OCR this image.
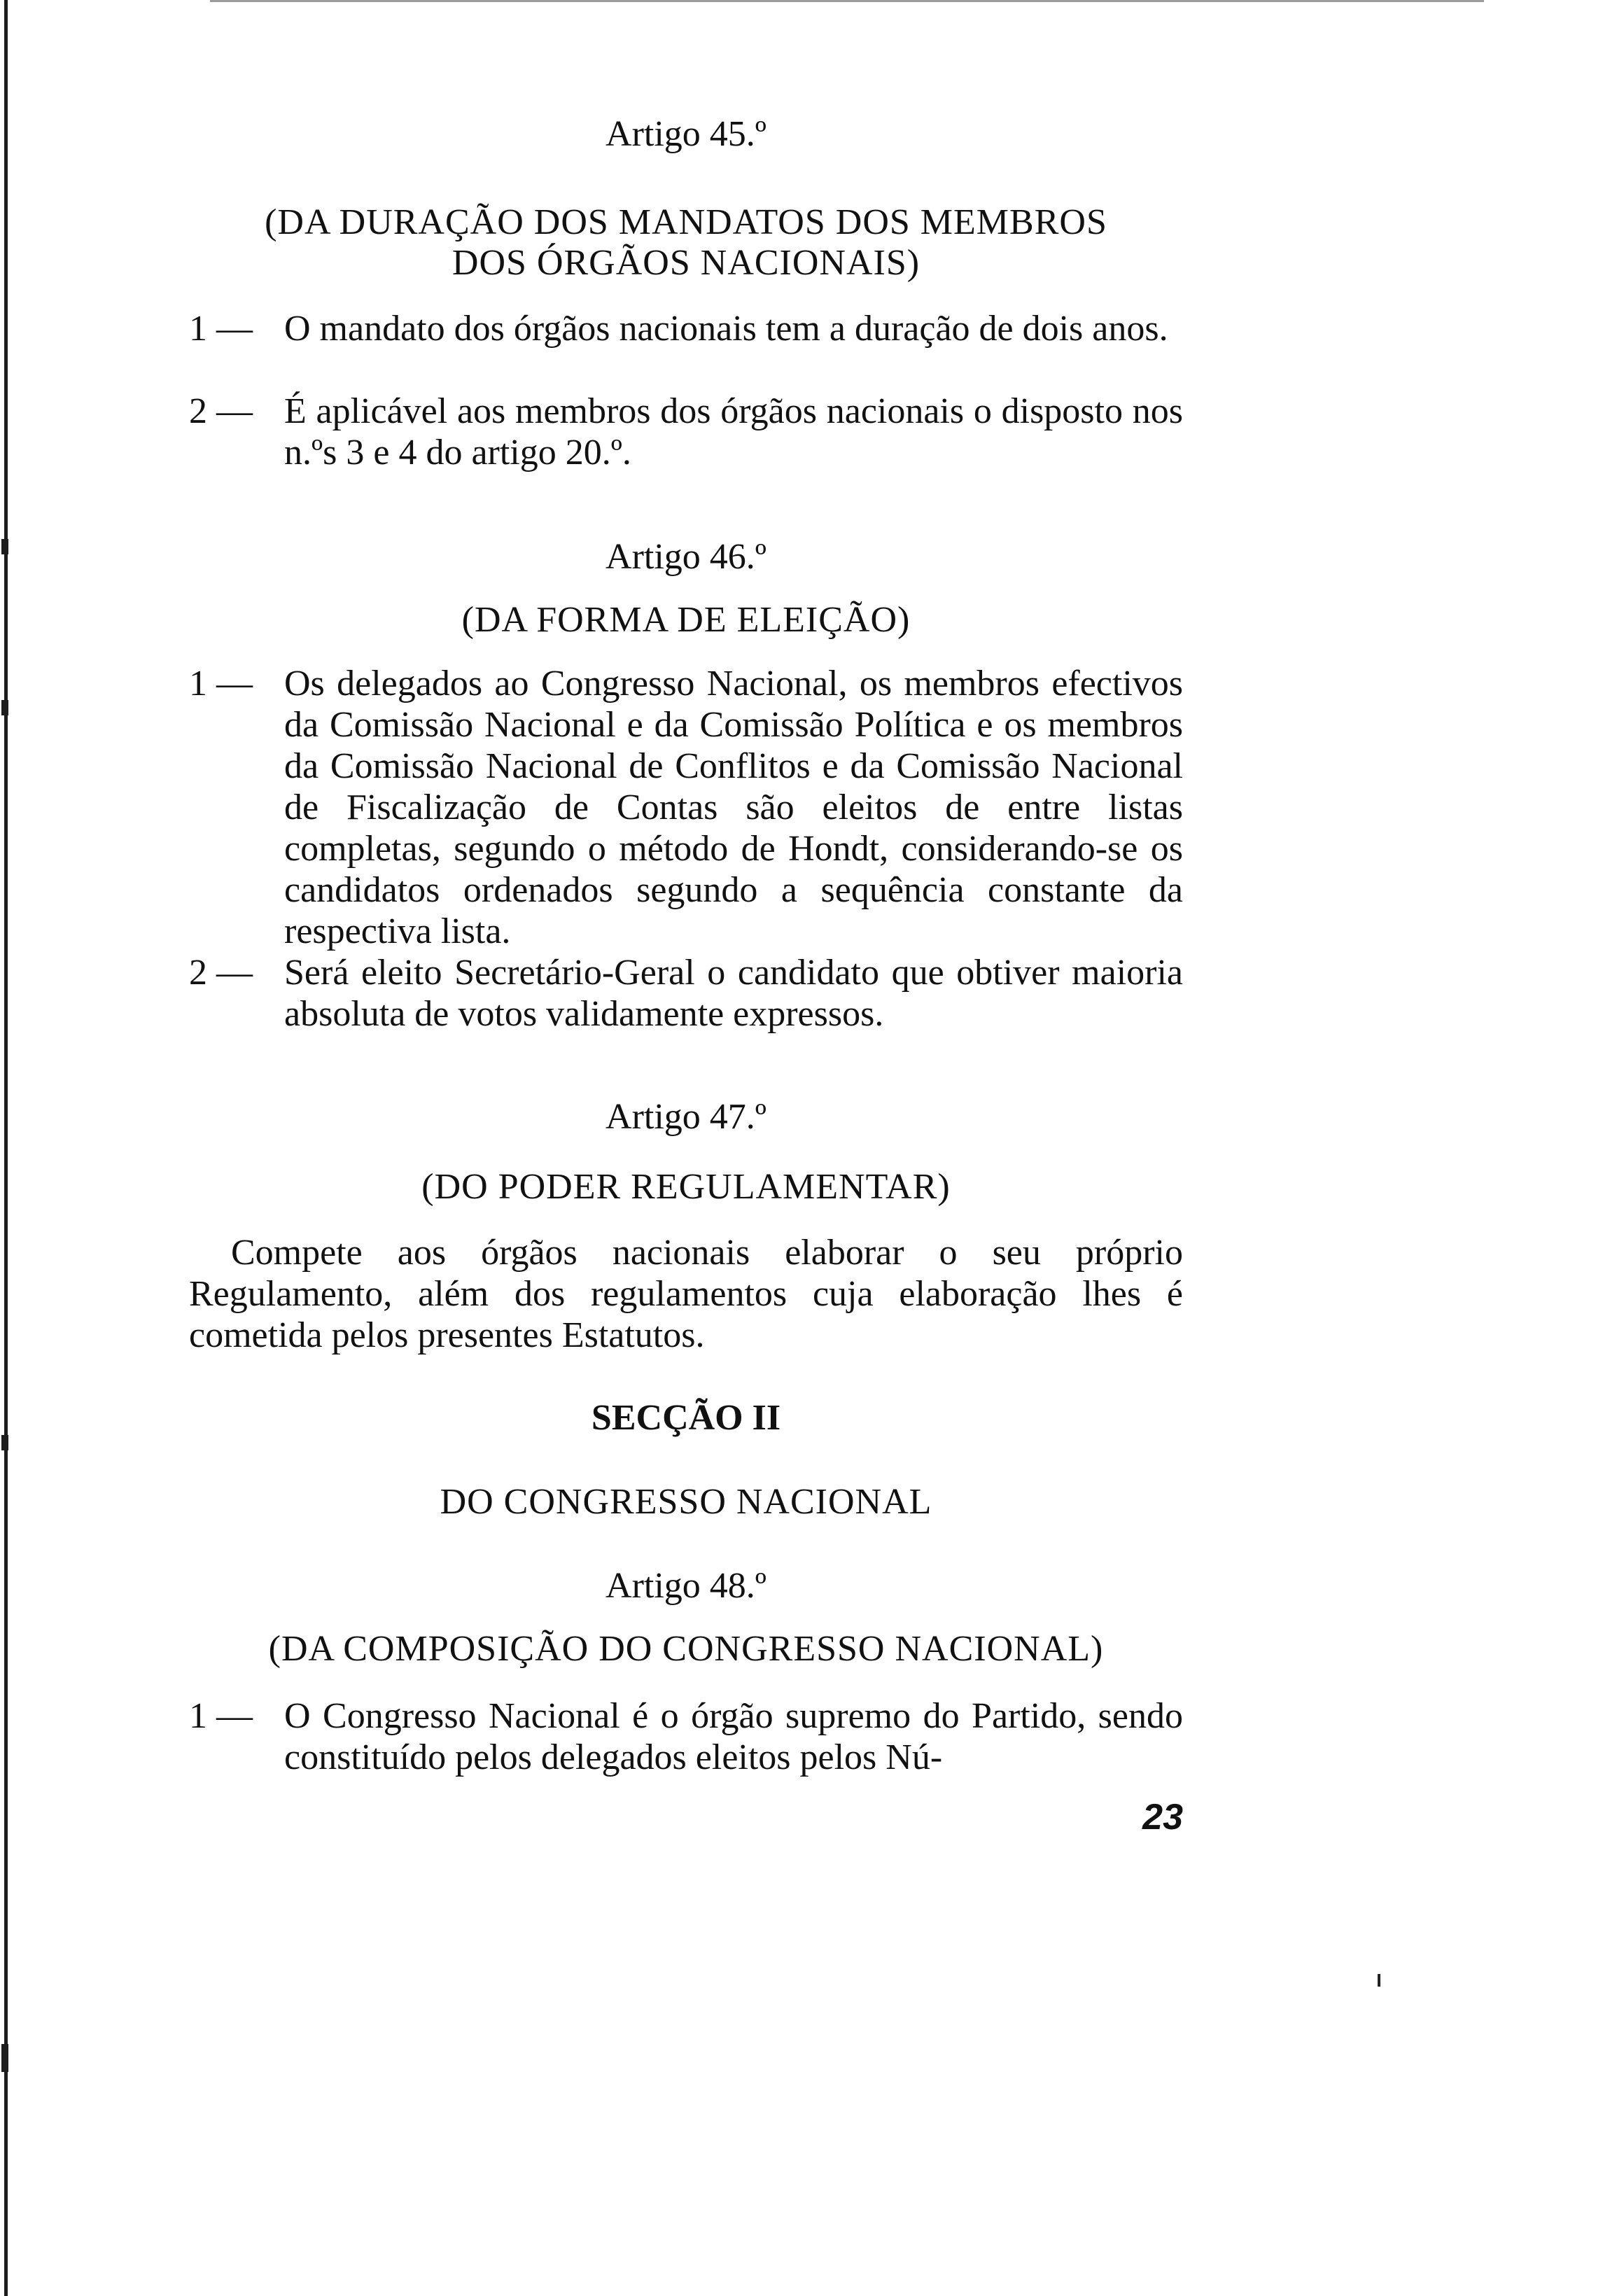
Artigo 45.º
(DA DURAÇÃO DOS MANDATOS DOS MEMBROS
DOS ÓRGÃOS NACIONAIS)
1 — O mandato dos órgãos nacionais tem a duração de dois anos.
2 — É aplicável aos membros dos órgãos nacionais o disposto nos n.ºs 3 e 4 do artigo 20.º.
Artigo 46.º
(DA FORMA DE ELEIÇÃO)
1 — Os delegados ao Congresso Nacional, os membros efectivos da Comissão Nacional e da Comissão Política e os membros da Comissão Nacional de Conflitos e da Comissão Nacional de Fiscalização de Contas são eleitos de entre listas completas, segundo o método de Hondt, considerando-se os candidatos ordenados segundo a sequência constante da respectiva lista.
2 — Será eleito Secretário-Geral o candidato que obtiver maioria absoluta de votos validamente expressos.
Artigo 47.º
(DO PODER REGULAMENTAR)
Compete aos órgãos nacionais elaborar o seu próprio Regulamento, além dos regulamentos cuja elaboração lhes é cometida pelos presentes Estatutos.
SECÇÃO II
DO CONGRESSO NACIONAL
Artigo 48.º
(DA COMPOSIÇÃO DO CONGRESSO NACIONAL)
1 — O Congresso Nacional é o órgão supremo do Partido, sendo constituído pelos delegados eleitos pelos Nú-
23
